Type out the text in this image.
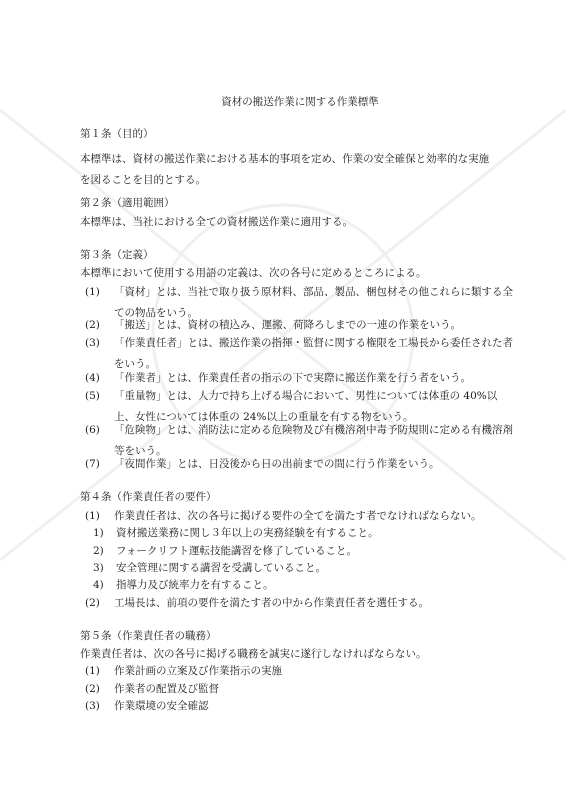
資材の搬送作業に関する作業標準
第１条（目的）
本標準は、資材の搬送作業における基本的事項を定め、作業の安全確保と効率的な実施を図ることを目的とする。
第２条（適用範囲）
本標準は、当社における全ての資材搬送作業に適用する。
第３条（定義）
本標準において使用する用語の定義は、次の各号に定めるところによる。
(1) 「資材」とは、当社で取り扱う原材料、部品、製品、梱包材その他これらに類する全ての物品をいう。
(2) 「搬送」とは、資材の積込み、運搬、荷降ろしまでの一連の作業をいう。
(3) 「作業責任者」とは、搬送作業の指揮・監督に関する権限を工場長から委任された者をいう。
(4) 「作業者」とは、作業責任者の指示の下で実際に搬送作業を行う者をいう。
(5) 「重量物」とは、人力で持ち上げる場合において、男性については体重の 40%以上、女性については体重の 24%以上の重量を有する物をいう。
(6) 「危険物」とは、消防法に定める危険物及び有機溶剤中毒予防規則に定める有機溶剤等をいう。
(7) 「夜間作業」とは、日没後から日の出前までの間に行う作業をいう。
第４条（作業責任者の要件）
(1) 作業責任者は、次の各号に掲げる要件の全てを満たす者でなければならない。
1) 資材搬送業務に関し３年以上の実務経験を有すること。
2) フォークリフト運転技能講習を修了していること。
3) 安全管理に関する講習を受講していること。
4) 指導力及び統率力を有すること。
(2) 工場長は、前項の要件を満たす者の中から作業責任者を選任する。
第５条（作業責任者の職務）
作業責任者は、次の各号に掲げる職務を誠実に遂行しなければならない。
(1) 作業計画の立案及び作業指示の実施
(2) 作業者の配置及び監督
(3) 作業環境の安全確認
